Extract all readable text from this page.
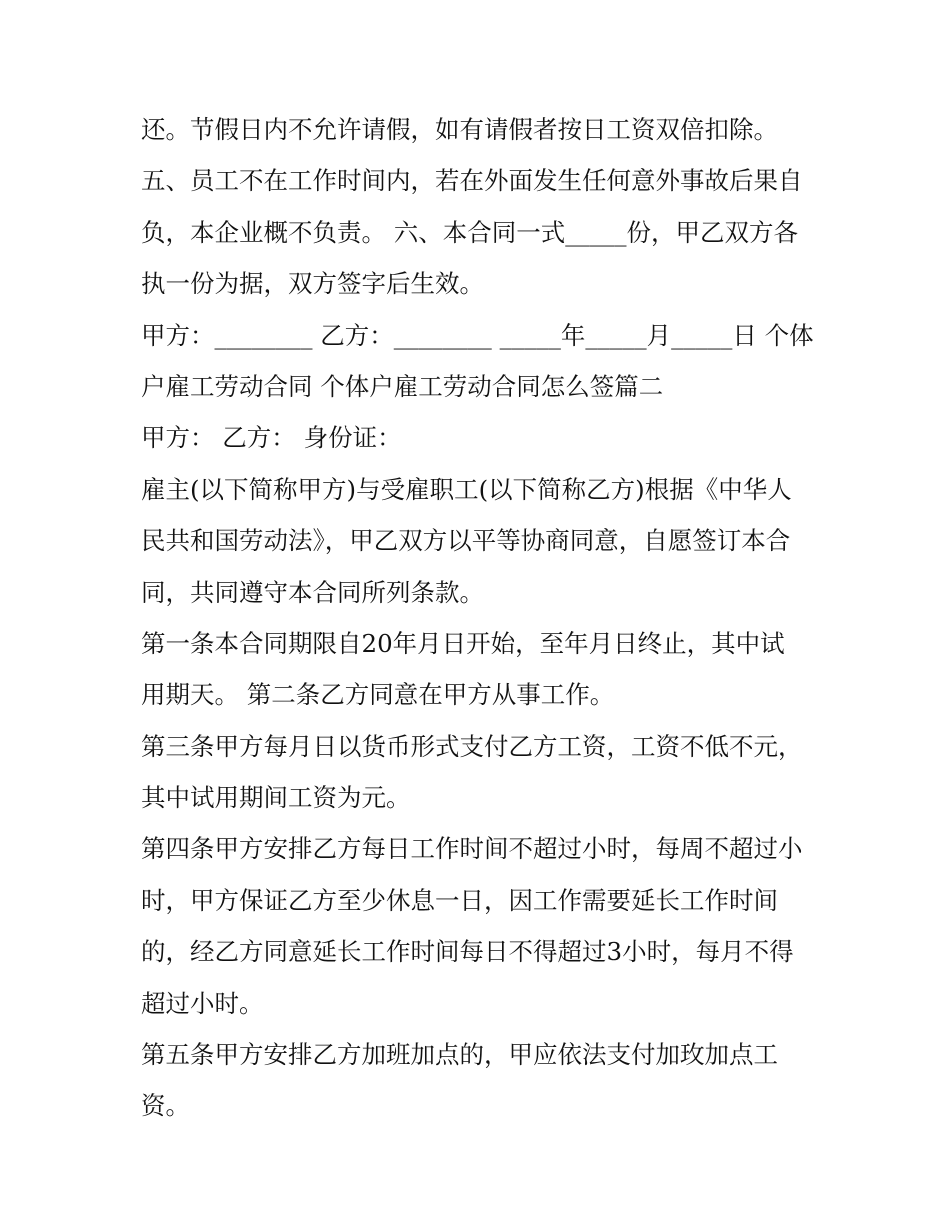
还。节假日内不允许请假，如有请假者按日工资双倍扣除。
五、员工不在工作时间内，若在外面发生任何意外事故后果自
负，本企业概不负责。 六、本合同一式_____份，甲乙双方各
执一份为据，双方签字后生效。
甲方：________ 乙方：________ _____年_____月_____日 个体
户雇工劳动合同 个体户雇工劳动合同怎么签篇二
甲方： 乙方： 身份证：
雇主(以下简称甲方)与受雇职工(以下简称乙方)根据《中华人
民共和国劳动法》，甲乙双方以平等协商同意，自愿签订本合
同，共同遵守本合同所列条款。
第一条本合同期限自20年月日开始，至年月日终止，其中试
用期天。 第二条乙方同意在甲方从事工作。
第三条甲方每月日以货币形式支付乙方工资，工资不低不元，
其中试用期间工资为元。
第四条甲方安排乙方每日工作时间不超过小时，每周不超过小
时，甲方保证乙方至少休息一日，因工作需要延长工作时间
的，经乙方同意延长工作时间每日不得超过3小时，每月不得
超过小时。
第五条甲方安排乙方加班加点的，甲应依法支付加玫加点工
资。
